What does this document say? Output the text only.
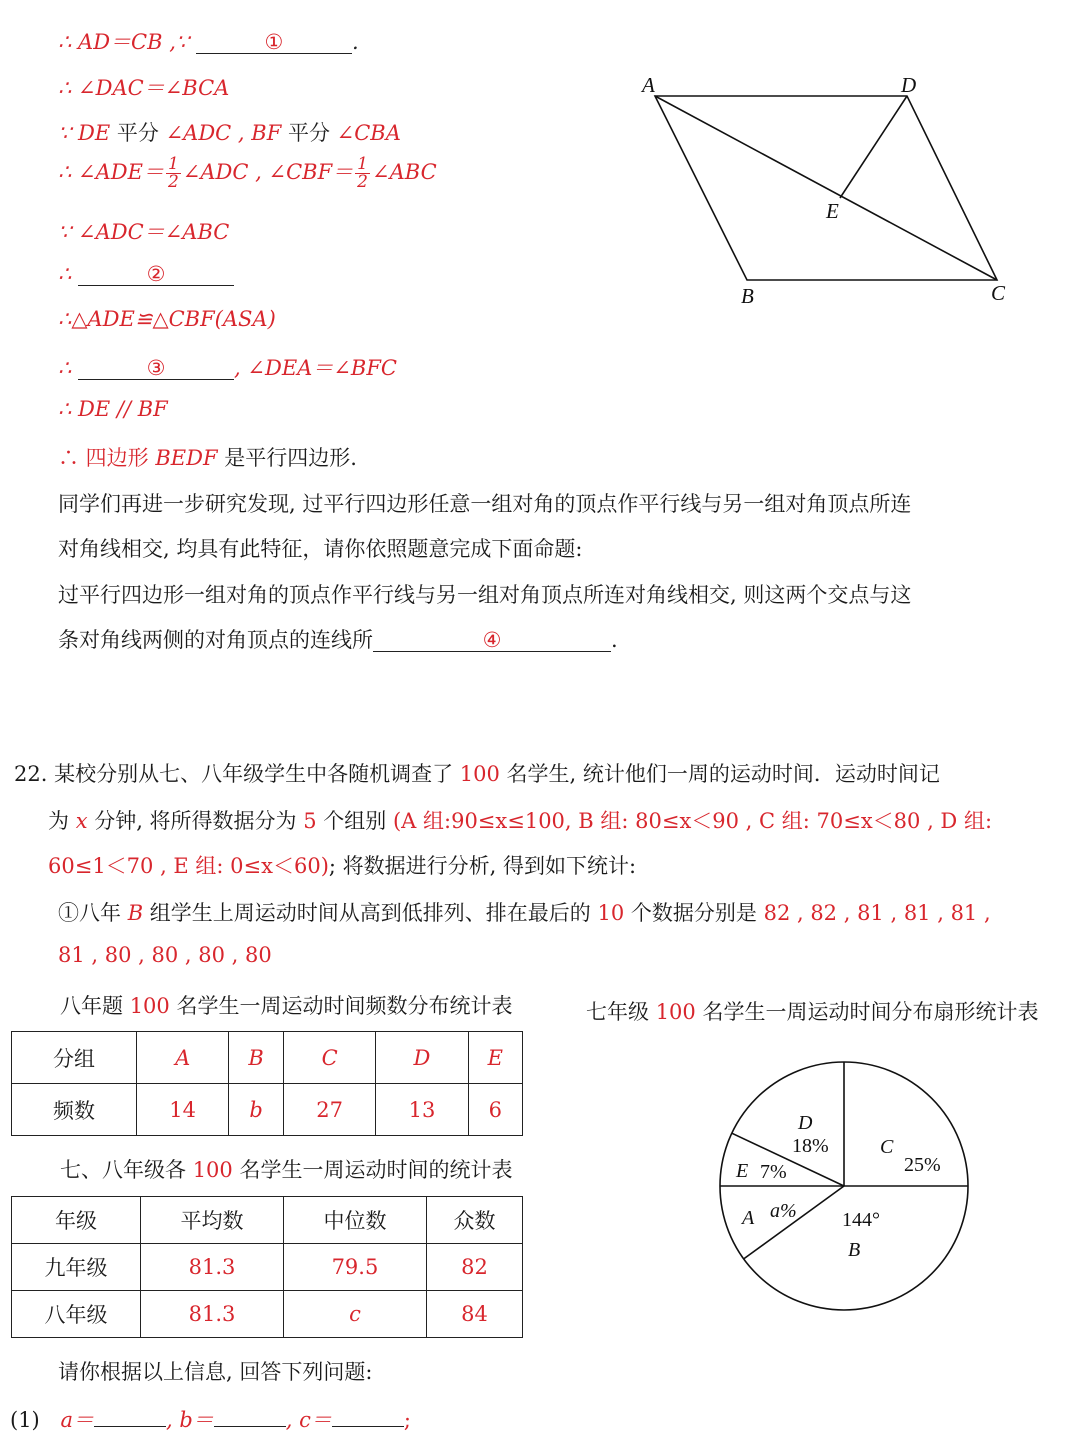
∴ AD＝CB ,∵	①	.
∴ ∠DAC＝∠BCA
∵ DE 平分 ∠ADC , BF 平分 ∠CBA
∴ ∠ADE＝ $\frac{1}{2}$ ∠ADC , ∠CBF＝ $\frac{1}{2}$ ∠ABC
∵ ∠ADC＝∠ABC
∴	②
∴△ADE≌△CBF(ASA)
∴	③	, ∠DEA＝∠BFC
∴ DE // BF
∴ 四边形 BEDF 是平行四边形.
A	D
E
B	C
同学们再进一步研究发现, 过平行四边形任意一组对角的顶点作平行线与另一组对角顶点所连
对角线相交, 均具有此特征，请你依照题意完成下面命题:
过平行四边形一组对角的顶点作平行线与另一组对角顶点所连对角线相交, 则这两个交点与这
条对角线两侧的对角顶点的连线所	④	.
22. 某校分别从七、八年级学生中各随机调查了 100 名学生, 统计他们一周的运动时间．运动时间记
为 x 分钟, 将所得数据分为 5 个组别 (A 组:90≤x≤100, B 组: 80≤x＜90 , C 组: 70≤x＜80 , D 组:
60≤1＜70 , E 组: 0≤x＜60); 将数据进行分析, 得到如下统计:
①八年 B 组学生上周运动时间从高到低排列、排在最后的 10 个数据分别是 82 , 82 , 81 , 81 , 81 ,
81 , 80 , 80 , 80 , 80
八年题 100 名学生一周运动时间频数分布统计表
分组	A	B	C	D	E
频数	14	b	27	13	6
七、八年级各 100 名学生一周运动时间的统计表
年级	平均数	中位数	众数
九年级	81.3	79.5	82
八年级	81.3	c	84
七年级 100 名学生一周运动时间分布扇形统计表
D
18%	C
25%
E 7%
A a% 144°
B
请你根据以上信息, 回答下列问题:
(1) a＝	, b＝	, c＝	;
